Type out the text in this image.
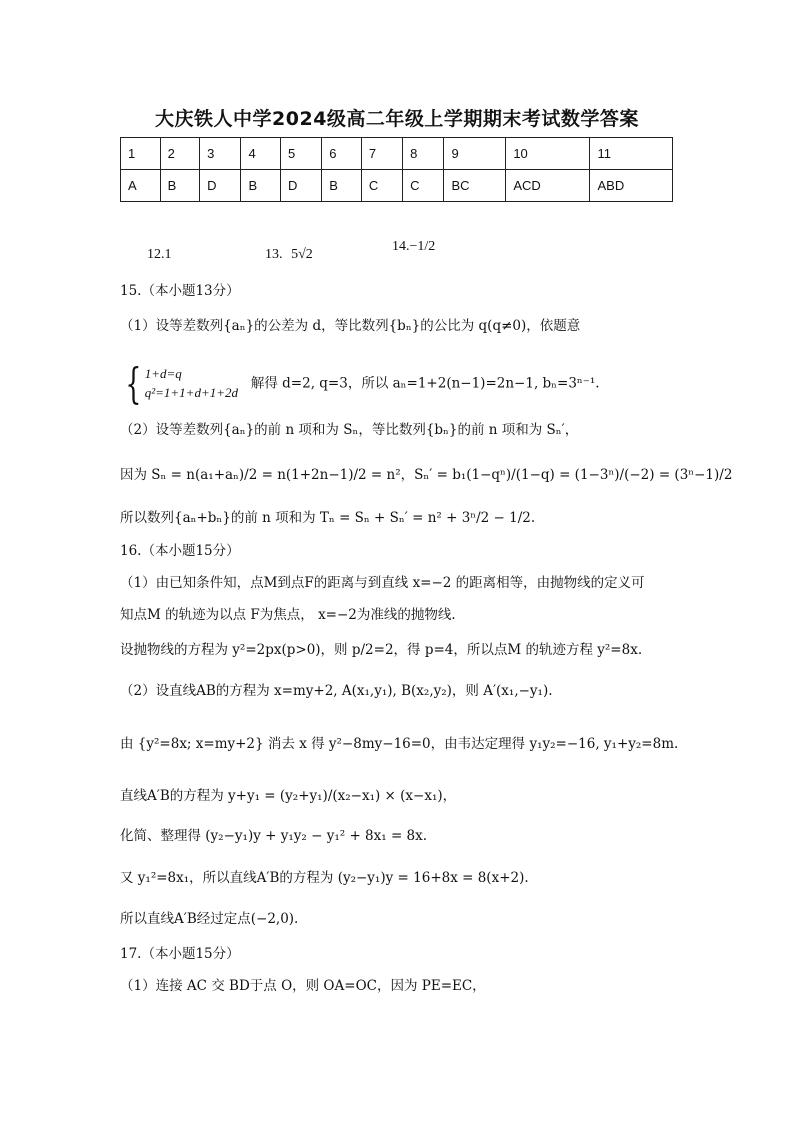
大庆铁人中学2024级高二年级上学期期末考试数学答案
1	2	3	4	5	6	7	8	9	10	11
A	B	D	B	D	B	C	C	BC	ACD	ABD
12.1	13. 5√2
14.−1/2
15.（本小题13分）
（1）设等差数列{aₙ}的公差为 d，等比数列{bₙ}的公比为 q(q≠0)，依题意
{ 1+d=q
q²=1+1+d+1+2d
解得 d=2, q=3，所以 aₙ=1+2(n−1)=2n−1, bₙ=3ⁿ⁻¹.
（2）设等差数列{aₙ}的前 n 项和为 Sₙ，等比数列{bₙ}的前 n 项和为 Sₙ′，
因为 Sₙ = n(a₁+aₙ)/2 = n(1+2n−1)/2 = n²，Sₙ′ = b₁(1−qⁿ)/(1−q) = (1−3ⁿ)/(−2) = (3ⁿ−1)/2
所以数列{aₙ+bₙ}的前 n 项和为 Tₙ = Sₙ + Sₙ′ = n² + 3ⁿ/2 − 1/2.
16.（本小题15分）
（1）由已知条件知，点M到点F的距离与到直线 x=−2 的距离相等，由抛物线的定义可
知点M 的轨迹为以点 F为焦点， x=−2为准线的抛物线.
设抛物线的方程为 y²=2px(p>0)，则 p/2=2，得 p=4，所以点M 的轨迹方程 y²=8x.
（2）设直线AB的方程为 x=my+2, A(x₁,y₁), B(x₂,y₂)，则 A′(x₁,−y₁).
由 {y²=8x; x=my+2} 消去 x 得 y²−8my−16=0，由韦达定理得 y₁y₂=−16, y₁+y₂=8m.
直线A′B的方程为 y+y₁ = (y₂+y₁)/(x₂−x₁) × (x−x₁)，
化简、整理得 (y₂−y₁)y + y₁y₂ − y₁² + 8x₁ = 8x.
又 y₁²=8x₁，所以直线A′B的方程为 (y₂−y₁)y = 16+8x = 8(x+2).
所以直线A′B经过定点(−2,0).
17.（本小题15分）
（1）连接 AC 交 BD于点 O，则 OA=OC，因为 PE=EC，
